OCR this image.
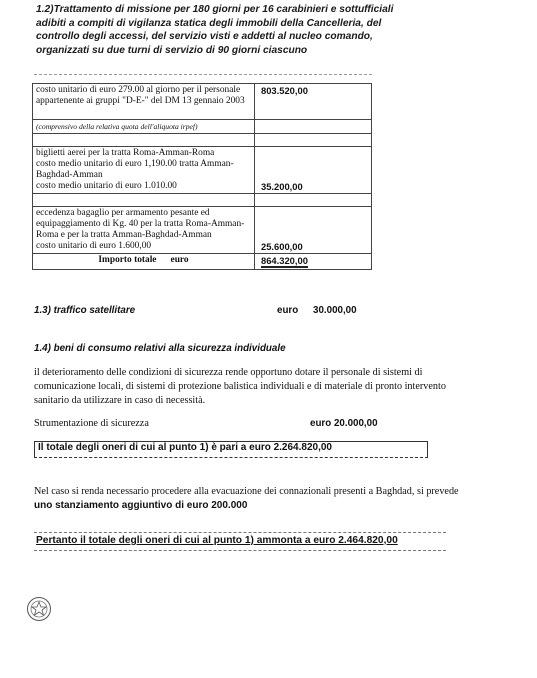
1.2)Trattamento di missione per 180 giorni per 16 carabinieri e sottufficiali adibiti a compiti di vigilanza statica degli immobili della Cancelleria, del controllo degli accessi, del servizio visti e addetti al nucleo comando, organizzati su due turni di servizio di 90 giorni ciascuno
costo unitario di euro 279.00 al giorno per il personale appartenente ai gruppi "D-E-" del DM 13 gennaio 2003	803.520,00
(comprensivo della relativa quota dell'aliquota irpef)	

biglietti aerei per la tratta Roma-Amman-Roma
costo medio unitario di euro 1,190.00 tratta Amman-Baghdad-Amman
costo medio unitario di euro 1.010.00	35.200,00

eccedenza bagaglio per armamento pesante ed equipaggiamento di Kg. 40 per la tratta Roma-Amman-Roma e per la tratta Amman-Baghdad-Amman
costo unitario di euro 1.600,00	25.600,00
Importo totale euro	864.320,00
1.3) traffico satellitare	euro 30.000,00
1.4) beni di consumo relativi alla sicurezza individuale
il deterioramento delle condizioni di sicurezza rende opportuno dotare il personale di sistemi di comunicazione locali, di sistemi di protezione balistica individuali e di materiale di pronto intervento sanitario da utilizzare in caso di necessità.
Strumentazione di sicurezza	euro 20.000,00
Il totale degli oneri di cui al punto 1) è pari a euro 2.264.820,00
Nel caso si renda necessario procedere alla evacuazione dei connazionali presenti a Baghdad, si prevede uno stanziamento aggiuntivo di euro 200.000
Pertanto il totale degli oneri di cui al punto 1) ammonta a euro 2.464.820,00
